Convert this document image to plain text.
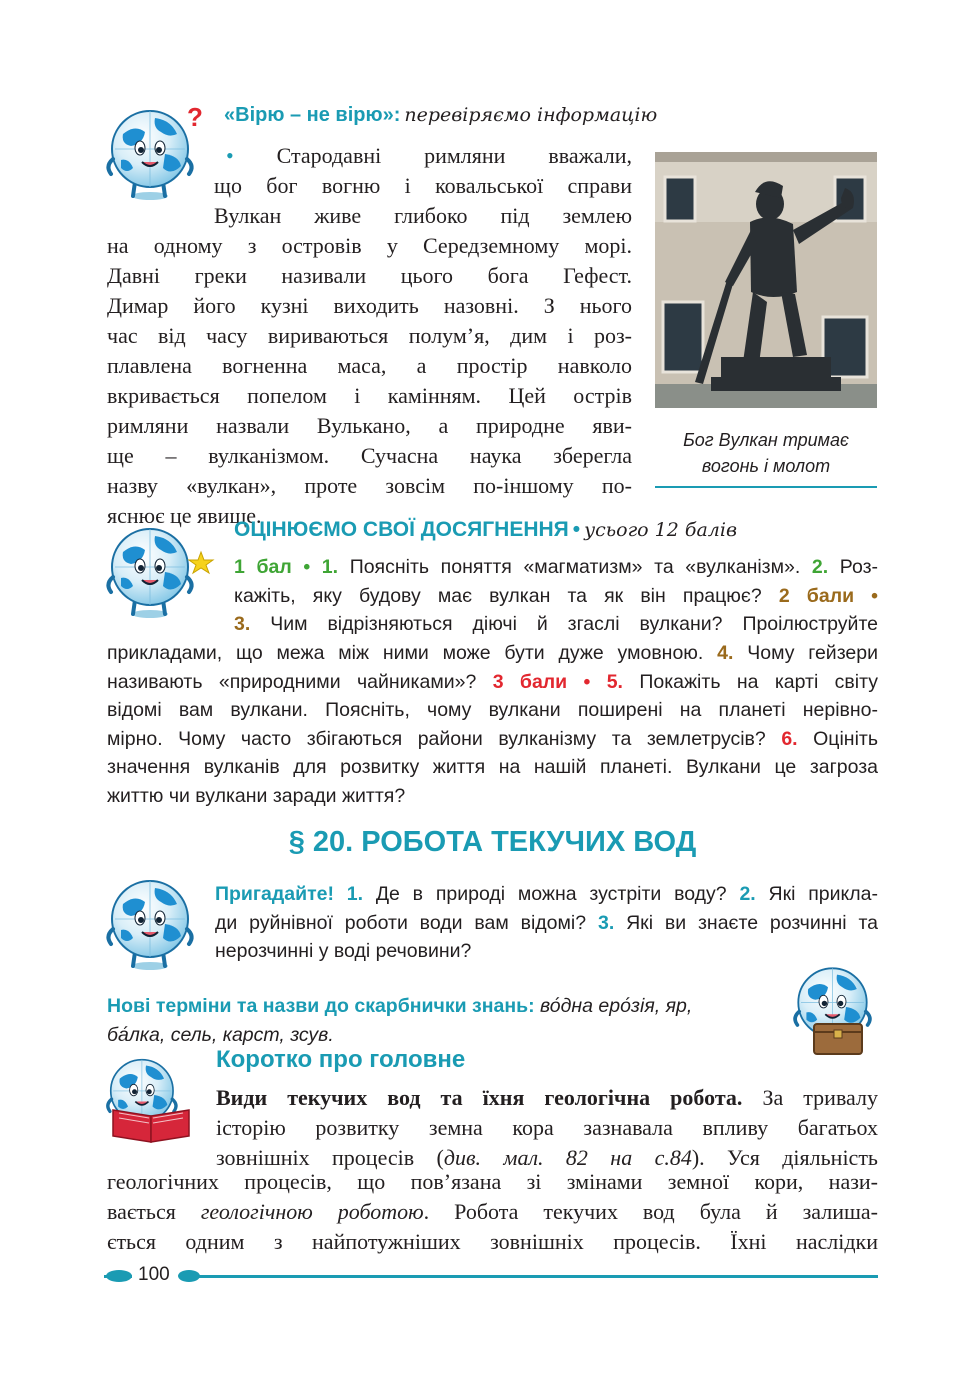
? «Вірю – не вірю»: перевіряємо інформацію
• Стародавні римляни вважали,
що бог вогню і ковальської справи
Вулкан живе глибоко під землею
на одному з островів у Середземному морі.
Давні греки називали цього бога Гефест.
Димар його кузні виходить назовні. З нього
час від часу вириваються полум’я, дим і роз-
плавлена вогненна маса, а простір навколо
вкривається попелом і камінням. Цей острів
римляни назвали Вулькано, а природне яви-
ще – вулканізмом. Сучасна наука зберегла
назву «вулкан», проте зовсім по-іншому по-
яснює це явище.
Бог Вулкан тримає
вогонь і молот
ОЦІНЮЄМО СВОЇ ДОСЯГНЕННЯ • усього 12 балів
1 бал • 1. Поясніть поняття «магматизм» та «вулканізм». 2. Роз-
кажіть, яку будову має вулкан та як він працює? 2 бали •
3. Чим відрізняються діючі й згаслі вулкани? Проілюструйте
прикладами, що межа між ними може бути дуже умовною. 4. Чому гейзери
називають «природними чайниками»? 3 бали • 5. Покажіть на карті світу
відомі вам вулкани. Поясніть, чому вулкани поширені на планеті нерівно-
мірно. Чому часто збігаються райони вулканізму та землетрусів? 6. Оцініть
значення вулканів для розвитку життя на нашій планеті. Вулкани це загроза
життю чи вулкани заради життя?
§ 20. РОБОТА ТЕКУЧИХ ВОД
Пригадайте! 1. Де в природі можна зустріти воду? 2. Які прикла-
ди руйнівної роботи води вам відомі? 3. Які ви знаєте розчинні та
нерозчинні у воді речовини?
Нові терміни та назви до скарбнички знань: во́дна еро́зія, яр,
ба́лка, сель, карст, зсув.
Коротко про головне
Види текучих вод та їхня геологічна робота. За тривалу
історію розвитку земна кора зазнавала впливу багатьох
зовнішніх процесів (див. мал. 82 на с.84). Уся діяльність
геологічних процесів, що пов’язана зі змінами земної кори, нази-
вається геологічною роботою. Робота текучих вод була й залиша-
ється одним з найпотужніших зовнішніх процесів. Їхні наслідки
100
